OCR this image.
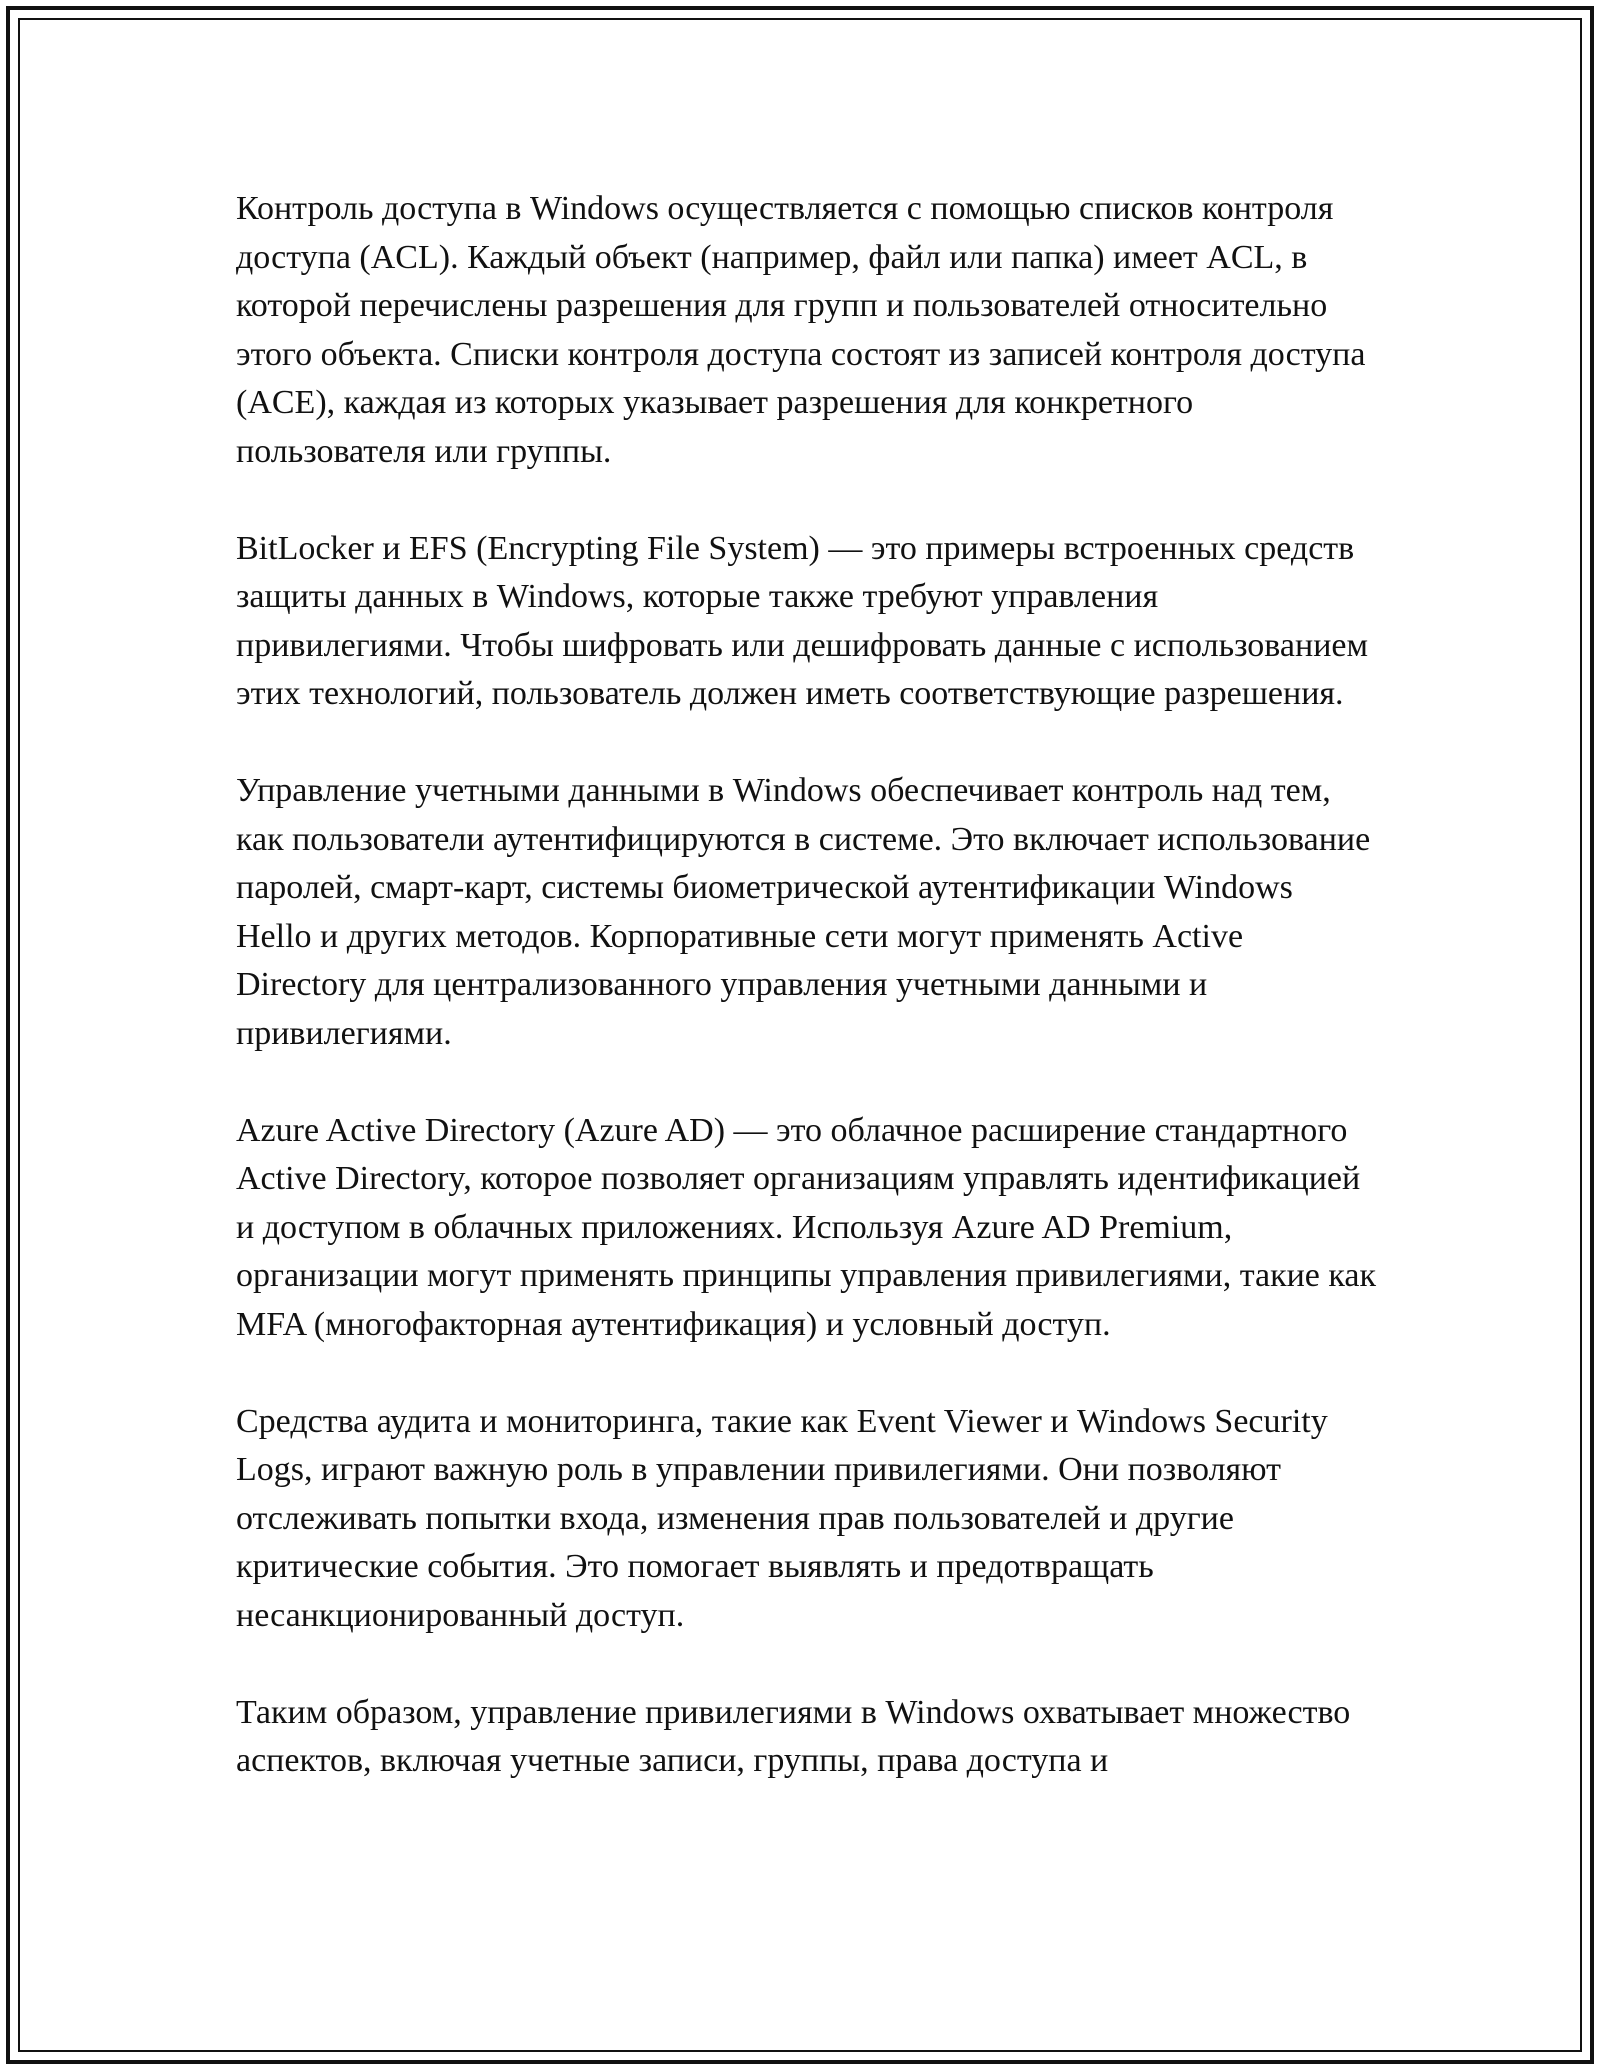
Контроль доступа в Windows осуществляется с помощью списков контроля доступа (ACL). Каждый объект (например, файл или папка) имеет ACL, в которой перечислены разрешения для групп и пользователей относительно этого объекта. Списки контроля доступа состоят из записей контроля доступа (ACE), каждая из которых указывает разрешения для конкретного пользователя или группы.

BitLocker и EFS (Encrypting File System) — это примеры встроенных средств защиты данных в Windows, которые также требуют управления привилегиями. Чтобы шифровать или дешифровать данные с использованием этих технологий, пользователь должен иметь соответствующие разрешения.

Управление учетными данными в Windows обеспечивает контроль над тем, как пользователи аутентифицируются в системе. Это включает использование паролей, смарт-карт, системы биометрической аутентификации Windows Hello и других методов. Корпоративные сети могут применять Active Directory для централизованного управления учетными данными и привилегиями.

Azure Active Directory (Azure AD) — это облачное расширение стандартного Active Directory, которое позволяет организациям управлять идентификацией и доступом в облачных приложениях. Используя Azure AD Premium, организации могут применять принципы управления привилегиями, такие как MFA (многофакторная аутентификация) и условный доступ.

Средства аудита и мониторинга, такие как Event Viewer и Windows Security Logs, играют важную роль в управлении привилегиями. Они позволяют отслеживать попытки входа, изменения прав пользователей и другие критические события. Это помогает выявлять и предотвращать несанкционированный доступ.

Таким образом, управление привилегиями в Windows охватывает множество аспектов, включая учетные записи, группы, права доступа и
